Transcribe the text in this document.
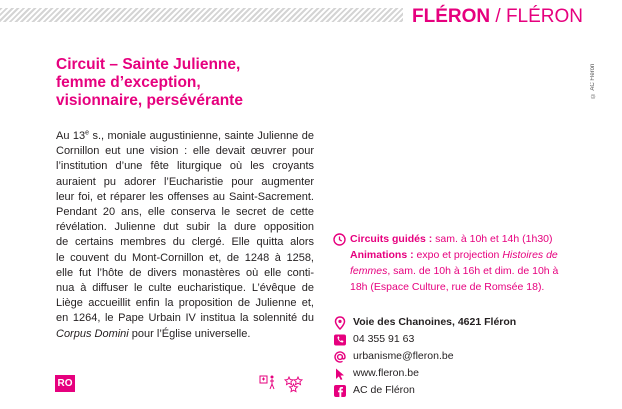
FLÉRON / FLÉRON
Circuit – Sainte Julienne,
femme d’exception,
visionnaire, persévérante
© AC Fléron
Au 13e s., moniale augustinienne, sainte Julienne de
Cornillon eut une vision : elle devait œuvrer pour
l’institution d’une fête liturgique où les croyants
auraient pu adorer l’Eucharistie pour augmenter
leur foi, et réparer les offenses au Saint-Sacrement.
Pendant 20 ans, elle conserva le secret de cette
révélation. Julienne dut subir la dure opposition
de certains membres du clergé. Elle quitta alors
le couvent du Mont-Cornillon et, de 1248 à 1258,
elle fut l’hôte de divers monastères où elle conti-
nua à diffuser le culte eucharistique. L’évêque de
Liège accueillit enfin la proposition de Julienne et,
en 1264, le Pape Urbain IV institua la solennité du
Corpus Domini pour l’Église universelle.
RO
Circuits guidés : sam. à 10h et 14h (1h30)
Animations : expo et projection Histoires de
femmes, sam. de 10h à 16h et dim. de 10h à
18h (Espace Culture, rue de Romsée 18).
Voie des Chanoines, 4621 Fléron
04 355 91 63
urbanisme@fleron.be
www.fleron.be
AC de Fléron
